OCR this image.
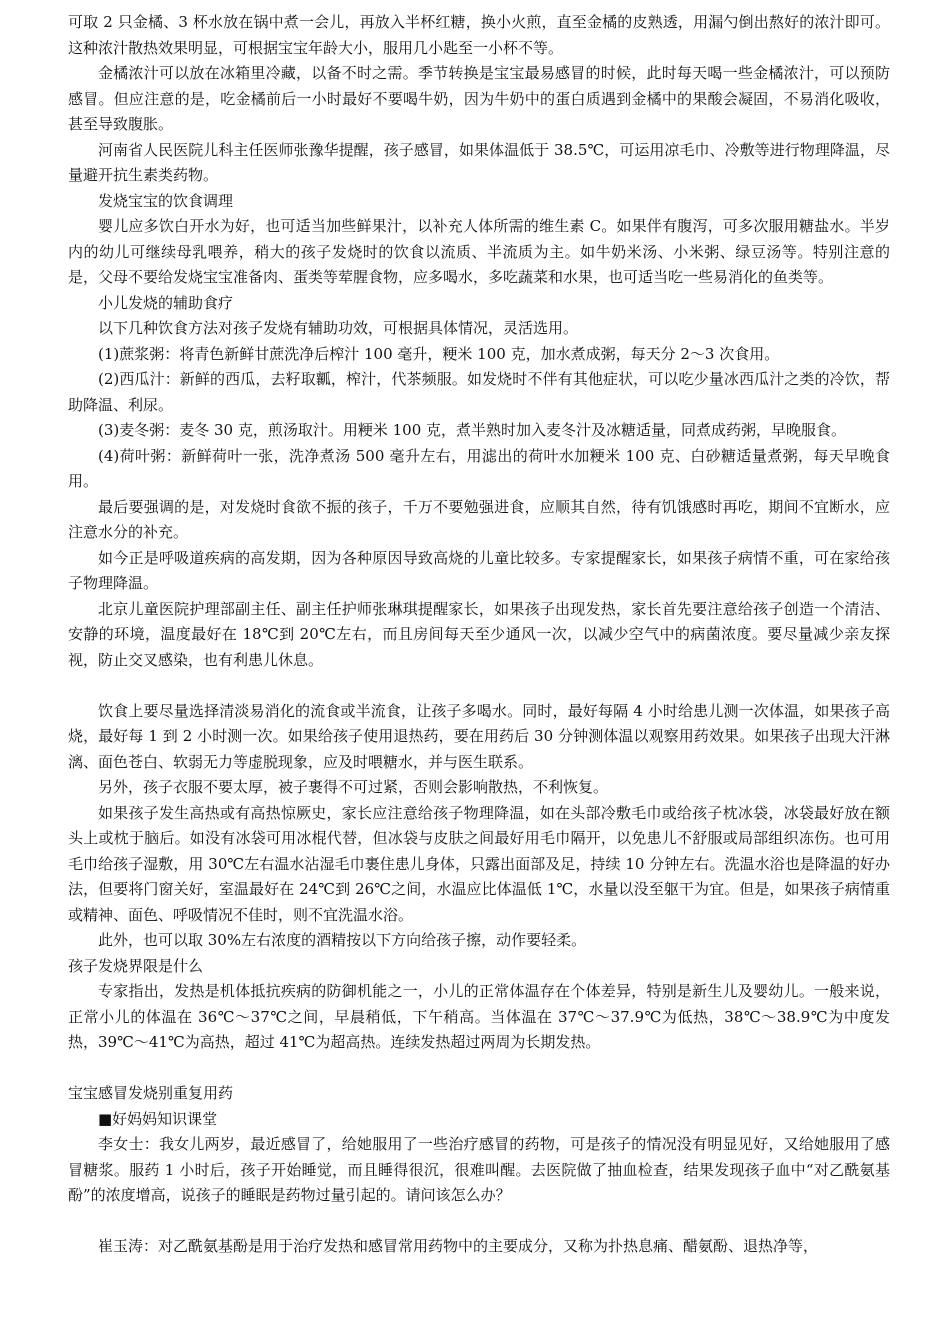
可取 2 只金橘、3 杯水放在锅中煮一会儿，再放入半杯红糖，换小火煎，直至金橘的皮熟透，用漏勺倒出熬好的浓汁即可。这种浓汁散热效果明显，可根据宝宝年龄大小，服用几小匙至一小杯不等。

金橘浓汁可以放在冰箱里冷藏，以备不时之需。季节转换是宝宝最易感冒的时候，此时每天喝一些金橘浓汁，可以预防感冒。但应注意的是，吃金橘前后一小时最好不要喝牛奶，因为牛奶中的蛋白质遇到金橘中的果酸会凝固，不易消化吸收，甚至导致腹胀。

河南省人民医院儿科主任医师张豫华提醒，孩子感冒，如果体温低于 38.5℃，可运用凉毛巾、冷敷等进行物理降温，尽量避开抗生素类药物。

发烧宝宝的饮食调理

婴儿应多饮白开水为好，也可适当加些鲜果汁，以补充人体所需的维生素 C。如果伴有腹泻，可多次服用糖盐水。半岁内的幼儿可继续母乳喂养，稍大的孩子发烧时的饮食以流质、半流质为主。如牛奶米汤、小米粥、绿豆汤等。特别注意的是，父母不要给发烧宝宝准备肉、蛋类等荤腥食物，应多喝水，多吃蔬菜和水果，也可适当吃一些易消化的鱼类等。

小儿发烧的辅助食疗

以下几种饮食方法对孩子发烧有辅助功效，可根据具体情况，灵活选用。

(1)蔗浆粥：将青色新鲜甘蔗洗净后榨汁 100 毫升，粳米 100 克，加水煮成粥，每天分 2～3 次食用。

(2)西瓜汁：新鲜的西瓜，去籽取瓤，榨汁，代茶频服。如发烧时不伴有其他症状，可以吃少量冰西瓜汁之类的冷饮，帮助降温、利尿。

(3)麦冬粥：麦冬 30 克，煎汤取汁。用粳米 100 克，煮半熟时加入麦冬汁及冰糖适量，同煮成药粥，早晚服食。

(4)荷叶粥：新鲜荷叶一张，洗净煮汤 500 毫升左右，用滤出的荷叶水加粳米 100 克、白砂糖适量煮粥，每天早晚食用。

最后要强调的是，对发烧时食欲不振的孩子，千万不要勉强进食，应顺其自然，待有饥饿感时再吃，期间不宜断水，应注意水分的补充。

如今正是呼吸道疾病的高发期，因为各种原因导致高烧的儿童比较多。专家提醒家长，如果孩子病情不重，可在家给孩子物理降温。

北京儿童医院护理部副主任、副主任护师张琳琪提醒家长，如果孩子出现发热，家长首先要注意给孩子创造一个清洁、安静的环境，温度最好在 18℃到 20℃左右，而且房间每天至少通风一次，以减少空气中的病菌浓度。要尽量减少亲友探视，防止交叉感染，也有利患儿休息。

饮食上要尽量选择清淡易消化的流食或半流食，让孩子多喝水。同时，最好每隔 4 小时给患儿测一次体温，如果孩子高烧，最好每 1 到 2 小时测一次。如果给孩子使用退热药，要在用药后 30 分钟测体温以观察用药效果。如果孩子出现大汗淋漓、面色苍白、软弱无力等虚脱现象，应及时喂糖水，并与医生联系。

另外，孩子衣服不要太厚，被子裹得不可过紧，否则会影响散热，不利恢复。

如果孩子发生高热或有高热惊厥史，家长应注意给孩子物理降温，如在头部冷敷毛巾或给孩子枕冰袋，冰袋最好放在额头上或枕于脑后。如没有冰袋可用冰棍代替，但冰袋与皮肤之间最好用毛巾隔开，以免患儿不舒服或局部组织冻伤。也可用毛巾给孩子湿敷，用 30℃左右温水沾湿毛巾裹住患儿身体，只露出面部及足，持续 10 分钟左右。洗温水浴也是降温的好办法，但要将门窗关好，室温最好在 24℃到 26℃之间，水温应比体温低 1℃，水量以没至躯干为宜。但是，如果孩子病情重或精神、面色、呼吸情况不佳时，则不宜洗温水浴。

此外，也可以取 30%左右浓度的酒精按以下方向给孩子擦，动作要轻柔。

孩子发烧界限是什么

专家指出，发热是机体抵抗疾病的防御机能之一，小儿的正常体温存在个体差异，特别是新生儿及婴幼儿。一般来说，正常小儿的体温在 36℃～37℃之间，早晨稍低，下午稍高。当体温在 37℃～37.9℃为低热，38℃～38.9℃为中度发热，39℃～41℃为高热，超过 41℃为超高热。连续发热超过两周为长期发热。

宝宝感冒发烧别重复用药

■好妈妈知识课堂

李女士：我女儿两岁，最近感冒了，给她服用了一些治疗感冒的药物，可是孩子的情况没有明显见好，又给她服用了感冒糖浆。服药 1 小时后，孩子开始睡觉，而且睡得很沉，很难叫醒。去医院做了抽血检查，结果发现孩子血中“对乙酰氨基酚”的浓度增高，说孩子的睡眠是药物过量引起的。请问该怎么办？

崔玉涛：对乙酰氨基酚是用于治疗发热和感冒常用药物中的主要成分，又称为扑热息痛、醋氨酚、退热净等，
